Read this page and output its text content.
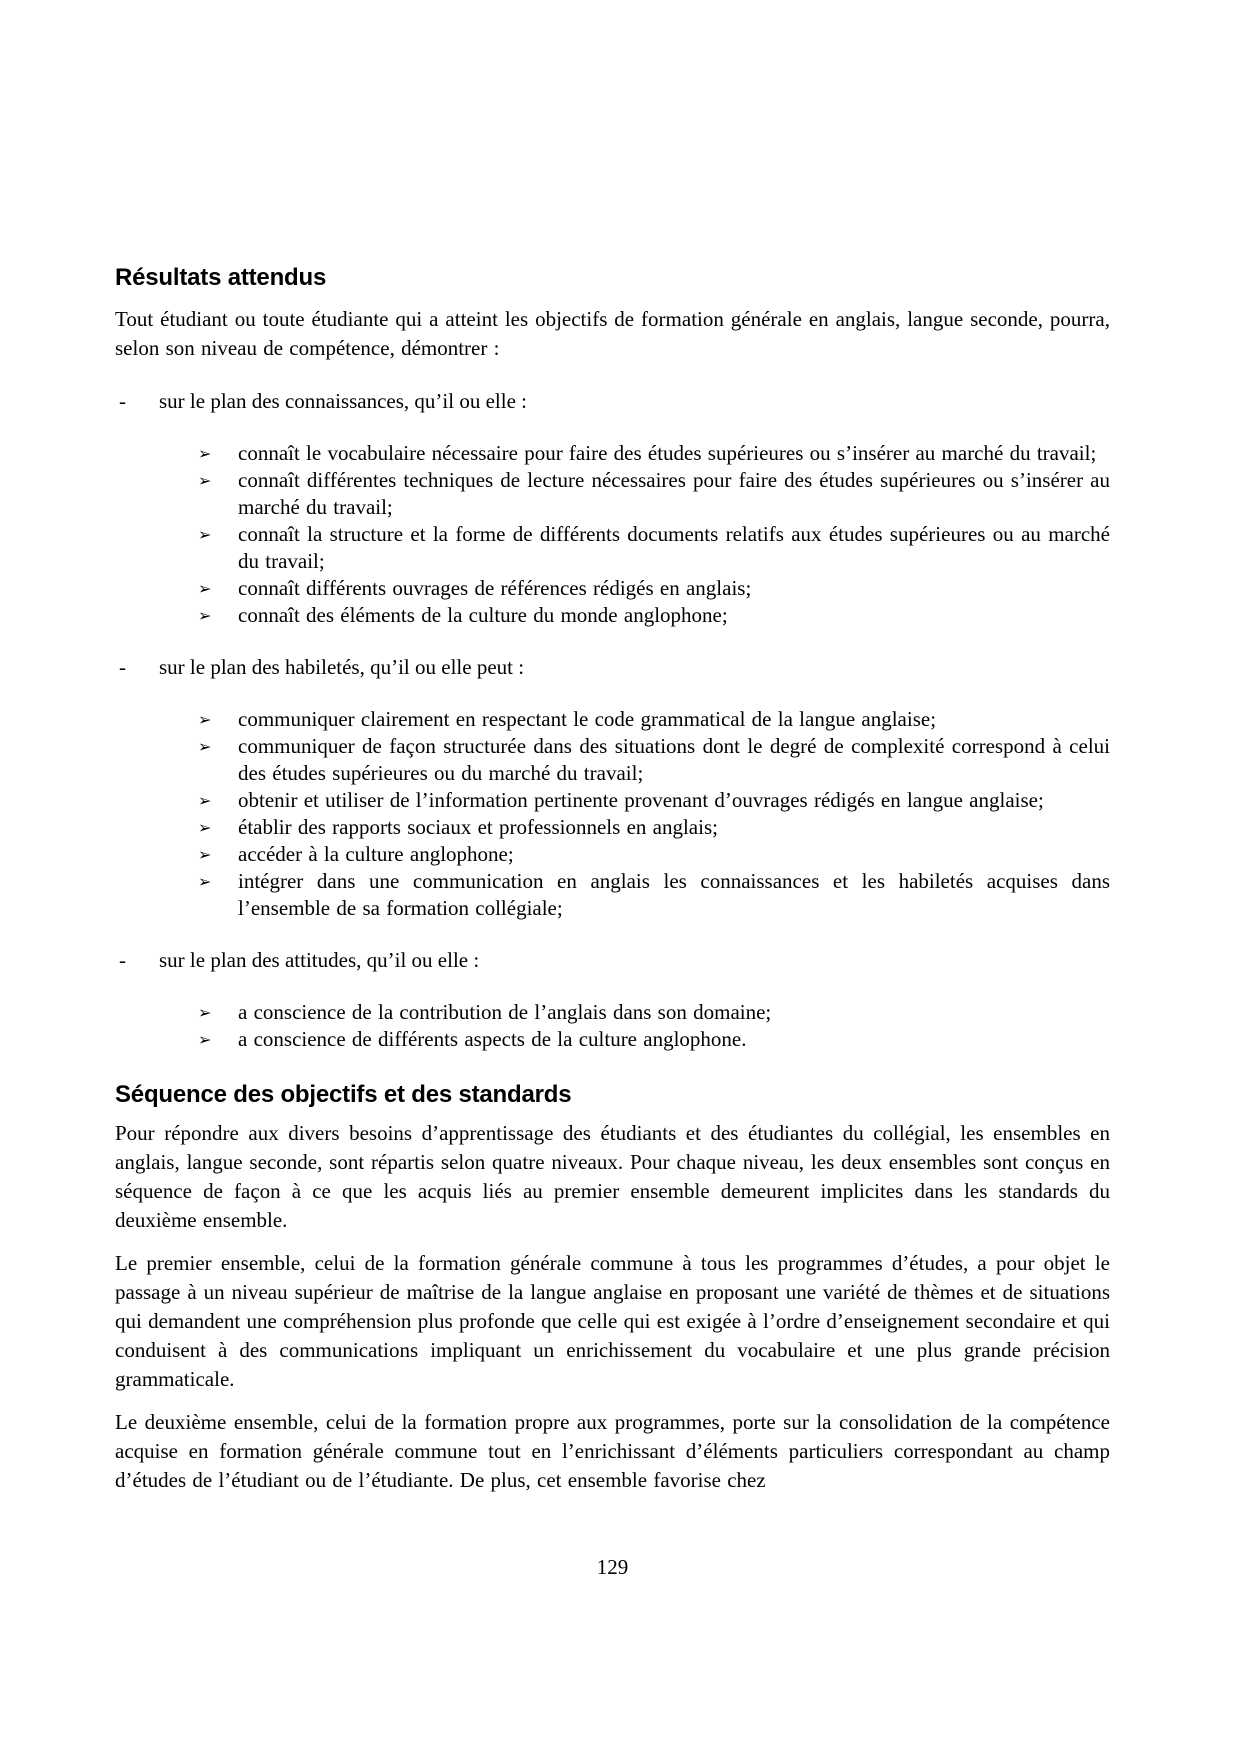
Résultats attendus

Tout étudiant ou toute étudiante qui a atteint les objectifs de formation générale en anglais, langue seconde, pourra, selon son niveau de compétence, démontrer :

-	sur le plan des connaissances, qu’il ou elle :
➢	connaît le vocabulaire nécessaire pour faire des études supérieures ou s’insérer au marché du travail;
➢	connaît différentes techniques de lecture nécessaires pour faire des études supérieures ou s’insérer au marché du travail;
➢	connaît la structure et la forme de différents documents relatifs aux études supérieures ou au marché du travail;
➢	connaît différents ouvrages de références rédigés en anglais;
➢	connaît des éléments de la culture du monde anglophone;
-	sur le plan des habiletés, qu’il ou elle peut :
➢	communiquer clairement en respectant le code grammatical de la langue anglaise;
➢	communiquer de façon structurée dans des situations dont le degré de complexité correspond à celui des études supérieures ou du marché du travail;
➢	obtenir et utiliser de l’information pertinente provenant d’ouvrages rédigés en langue anglaise;
➢	établir des rapports sociaux et professionnels en anglais;
➢	accéder à la culture anglophone;
➢	intégrer dans une communication en anglais les connaissances et les habiletés acquises dans l’ensemble de sa formation collégiale;
-	sur le plan des attitudes, qu’il ou elle :
➢	a conscience de la contribution de l’anglais dans son domaine;
➢	a conscience de différents aspects de la culture anglophone.
Séquence des objectifs et des standards

Pour répondre aux divers besoins d’apprentissage des étudiants et des étudiantes du collégial, les ensembles en anglais, langue seconde, sont répartis selon quatre niveaux. Pour chaque niveau, les deux ensembles sont conçus en séquence de façon à ce que les acquis liés au premier ensemble demeurent implicites dans les standards du deuxième ensemble.

Le premier ensemble, celui de la formation générale commune à tous les programmes d’études, a pour objet le passage à un niveau supérieur de maîtrise de la langue anglaise en proposant une variété de thèmes et de situations qui demandent une compréhension plus profonde que celle qui est exigée à l’ordre d’enseignement secondaire et qui conduisent à des communications impliquant un enrichissement du vocabulaire et une plus grande précision grammaticale.

Le deuxième ensemble, celui de la formation propre aux programmes, porte sur la consolidation de la compétence acquise en formation générale commune tout en l’enrichissant d’éléments particuliers correspondant au champ d’études de l’étudiant ou de l’étudiante. De plus, cet ensemble favorise chez

129
